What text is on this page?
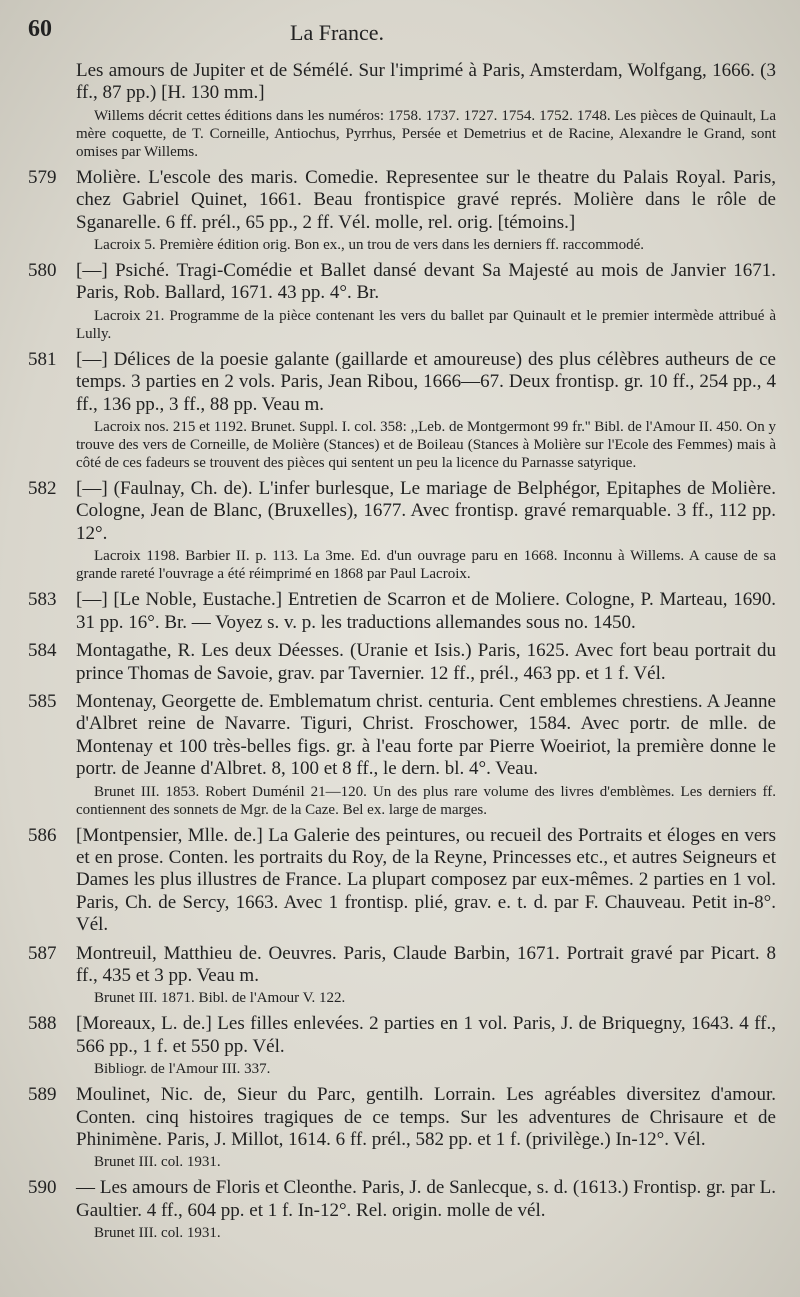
60	La France.
Les amours de Jupiter et de Sémélé. Sur l'imprimé à Paris, Amsterdam, Wolfgang, 1666. (3 ff., 87 pp.) [H. 130 mm.]
Willems décrit cettes éditions dans les numéros: 1758. 1737. 1727. 1754. 1752. 1748. Les pièces de Quinault, La mère coquette, de T. Corneille, Antiochus, Pyrrhus, Persée et Demetrius et de Racine, Alexandre le Grand, sont omises par Willems.
579 Molière. L'escole des maris. Comedie. Representee sur le theatre du Palais Royal. Paris, chez Gabriel Quinet, 1661. Beau frontispice gravé représ. Molière dans le rôle de Sganarelle. 6 ff. prél., 65 pp., 2 ff. Vél. molle, rel. orig. [témoins.]
Lacroix 5. Première édition orig. Bon ex., un trou de vers dans les derniers ff. raccommodé.
580 [—] Psiché. Tragi-Comédie et Ballet dansé devant Sa Majesté au mois de Janvier 1671. Paris, Rob. Ballard, 1671. 43 pp. 4°. Br.
Lacroix 21. Programme de la pièce contenant les vers du ballet par Quinault et le premier intermède attribué à Lully.
581 [—] Délices de la poesie galante (gaillarde et amoureuse) des plus célèbres autheurs de ce temps. 3 parties en 2 vols. Paris, Jean Ribou, 1666—67. Deux frontisp. gr. 10 ff., 254 pp., 4 ff., 136 pp., 3 ff., 88 pp. Veau m.
Lacroix nos. 215 et 1192. Brunet. Suppl. I. col. 358: ,,Leb. de Montgermont 99 fr.'' Bibl. de l'Amour II. 450. On y trouve des vers de Corneille, de Molière (Stances) et de Boileau (Stances à Molière sur l'Ecole des Femmes) mais à côté de ces fadeurs se trouvent des pièces qui sentent un peu la licence du Parnasse satyrique.
582 [—] (Faulnay, Ch. de). L'infer burlesque, Le mariage de Belphégor, Epitaphes de Molière. Cologne, Jean de Blanc, (Bruxelles), 1677. Avec frontisp. gravé remarquable. 3 ff., 112 pp. 12°.
Lacroix 1198. Barbier II. p. 113. La 3me. Ed. d'un ouvrage paru en 1668. Inconnu à Willems. A cause de sa grande rareté l'ouvrage a été réimprimé en 1868 par Paul Lacroix.
583 [—] [Le Noble, Eustache.] Entretien de Scarron et de Moliere. Cologne, P. Marteau, 1690. 31 pp. 16°. Br. — Voyez s. v. p. les traductions allemandes sous no. 1450.
584 Montagathe, R. Les deux Déesses. (Uranie et Isis.) Paris, 1625. Avec fort beau portrait du prince Thomas de Savoie, grav. par Tavernier. 12 ff., prél., 463 pp. et 1 f. Vél.
585 Montenay, Georgette de. Emblematum christ. centuria. Cent emblemes chrestiens. A Jeanne d'Albret reine de Navarre. Tiguri, Christ. Froschower, 1584. Avec portr. de mlle. de Montenay et 100 très-belles figs. gr. à l'eau forte par Pierre Woeiriot, la première donne le portr. de Jeanne d'Albret. 8, 100 et 8 ff., le dern. bl. 4°. Veau.
Brunet III. 1853. Robert Duménil 21—120. Un des plus rare volume des livres d'emblèmes. Les derniers ff. contiennent des sonnets de Mgr. de la Caze. Bel ex. large de marges.
586 [Montpensier, Mlle. de.] La Galerie des peintures, ou recueil des Portraits et éloges en vers et en prose. Conten. les portraits du Roy, de la Reyne, Princesses etc., et autres Seigneurs et Dames les plus illustres de France. La plupart composez par eux-mêmes. 2 parties en 1 vol. Paris, Ch. de Sercy, 1663. Avec 1 frontisp. plié, grav. e. t. d. par F. Chauveau. Petit in-8°. Vél.
587 Montreuil, Matthieu de. Oeuvres. Paris, Claude Barbin, 1671. Portrait gravé par Picart. 8 ff., 435 et 3 pp. Veau m.
Brunet III. 1871. Bibl. de l'Amour V. 122.
588 [Moreaux, L. de.] Les filles enlevées. 2 parties en 1 vol. Paris, J. de Briquegny, 1643. 4 ff., 566 pp., 1 f. et 550 pp. Vél.
Bibliogr. de l'Amour III. 337.
589 Moulinet, Nic. de, Sieur du Parc, gentilh. Lorrain. Les agréables diversitez d'amour. Conten. cinq histoires tragiques de ce temps. Sur les adventures de Chrisaure et de Phinimène. Paris, J. Millot, 1614. 6 ff. prél., 582 pp. et 1 f. (privilège.) In-12°. Vél.
Brunet III. col. 1931.
590 — Les amours de Floris et Cleonthe. Paris, J. de Sanlecque, s. d. (1613.) Frontisp. gr. par L. Gaultier. 4 ff., 604 pp. et 1 f. In-12°. Rel. origin. molle de vél.
Brunet III. col. 1931.
